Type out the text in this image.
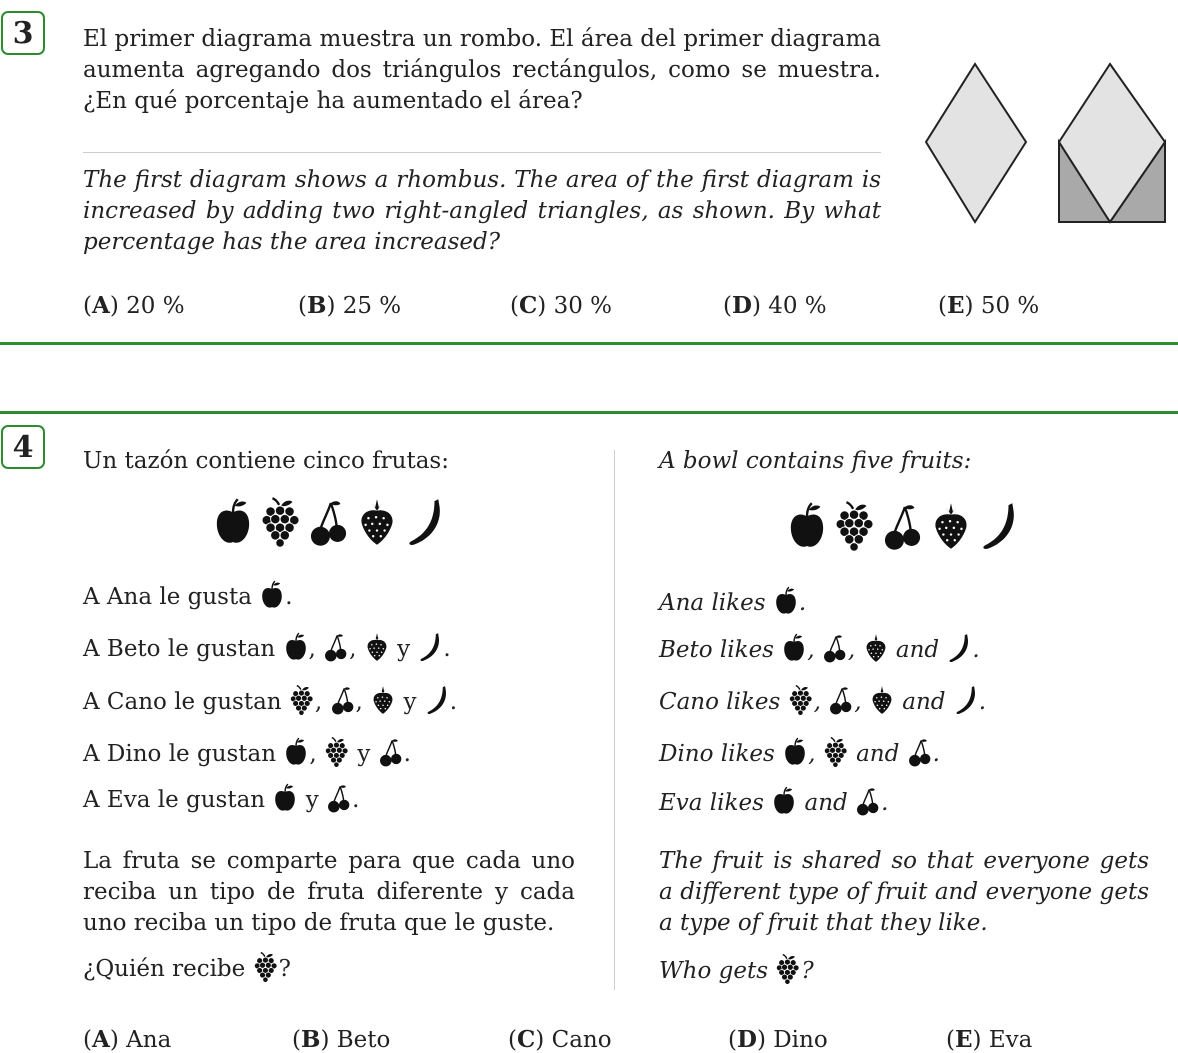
3	El primer diagrama muestra un rombo. El área del primer diagrama aumenta agregando dos triángulos rectángulos, como se muestra. ¿En qué porcentaje ha aumentado el área?
The first diagram shows a rhombus. The area of the first diagram is increased by adding two right-angled triangles, as shown. By what percentage has the area increased?
(A) 20 %	(B) 25 %	(C) 30 %	(D) 40 %	(E) 50 %
4	Un tazón contiene cinco frutas:
A Ana le gusta
.
A Beto le gustan
,
,
y
.
A Cano le gustan
,
,
y
.
A Dino le gustan
,
y
.
A Eva le gustan

y
.
La fruta se comparte para que cada uno reciba un tipo de fruta diferente y cada uno reciba un tipo de fruta que le guste.
¿Quién recibe
?
A bowl contains five fruits:
Ana likes
.
Beto likes
,
,
and
.
Cano likes
,
,
and
.
Dino likes
,
and
.
Eva likes

and
.
The fruit is shared so that everyone gets a different type of fruit and everyone gets a type of fruit that they like.
Who gets
?
(A) Ana	(B) Beto	(C) Cano	(D) Dino	(E) Eva
